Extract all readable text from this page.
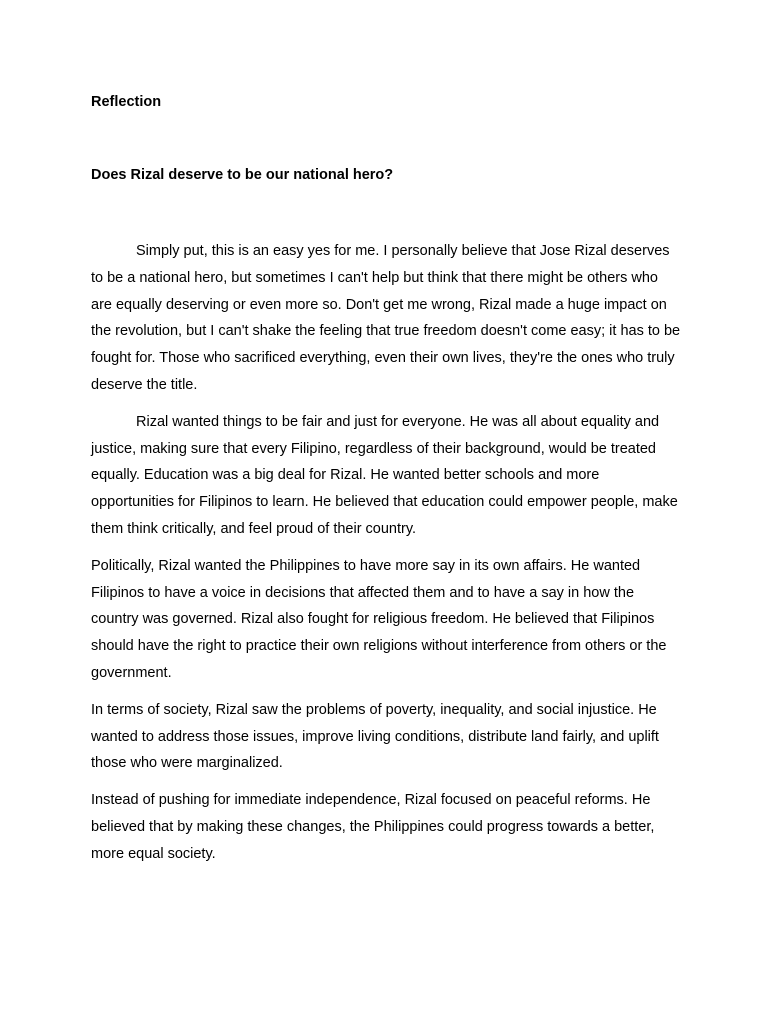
Reflection
Does Rizal deserve to be our national hero?

Simply put, this is an easy yes for me. I personally believe that Jose Rizal deserves to be a national hero, but sometimes I can't help but think that there might be others who are equally deserving or even more so. Don't get me wrong, Rizal made a huge impact on the revolution, but I can't shake the feeling that true freedom doesn't come easy; it has to be fought for. Those who sacrificed everything, even their own lives, they're the ones who truly deserve the title.

Rizal wanted things to be fair and just for everyone. He was all about equality and justice, making sure that every Filipino, regardless of their background, would be treated equally. Education was a big deal for Rizal. He wanted better schools and more opportunities for Filipinos to learn. He believed that education could empower people, make them think critically, and feel proud of their country.

Politically, Rizal wanted the Philippines to have more say in its own affairs. He wanted Filipinos to have a voice in decisions that affected them and to have a say in how the country was governed. Rizal also fought for religious freedom. He believed that Filipinos should have the right to practice their own religions without interference from others or the government.

In terms of society, Rizal saw the problems of poverty, inequality, and social injustice. He wanted to address those issues, improve living conditions, distribute land fairly, and uplift those who were marginalized.

Instead of pushing for immediate independence, Rizal focused on peaceful reforms. He believed that by making these changes, the Philippines could progress towards a better, more equal society.
